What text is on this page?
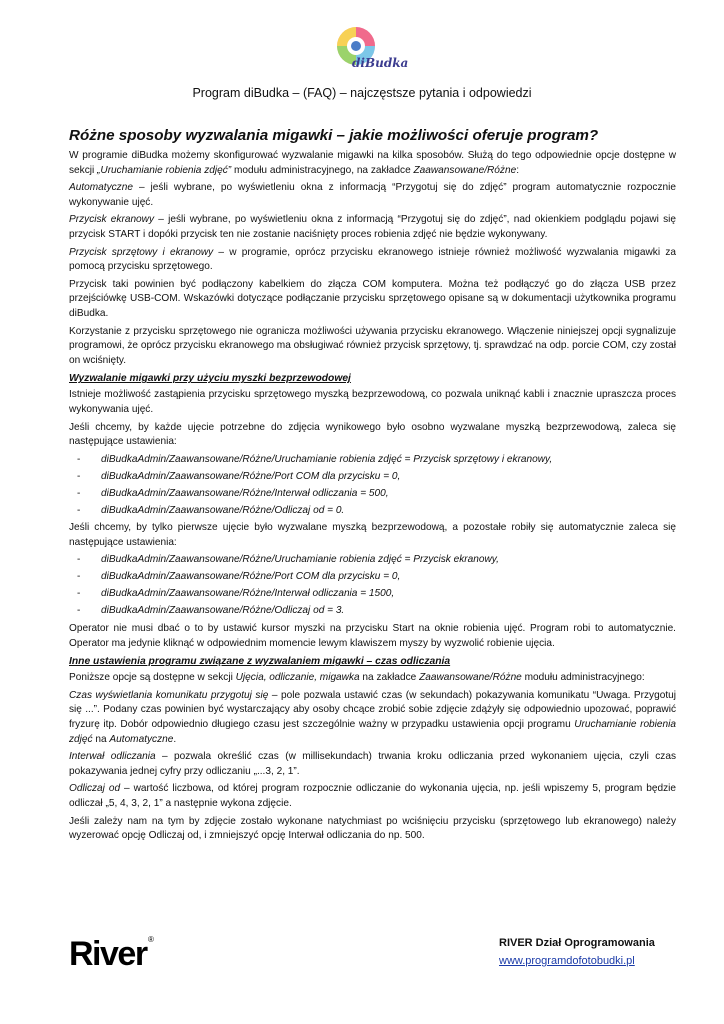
diBudka
Program diBudka – (FAQ) – najczęstsze pytania i odpowiedzi
Różne sposoby wyzwalania migawki – jakie możliwości oferuje program?

W programie diBudka możemy skonfigurować wyzwalanie migawki na kilka sposobów. Służą do tego odpowiednie opcje dostępne w sekcji „Uruchamianie robienia zdjęć” modułu administracyjnego, na zakładce Zaawansowane/Różne:

Automatyczne – jeśli wybrane, po wyświetleniu okna z informacją “Przygotuj się do zdjęć” program automatycznie rozpocznie wykonywanie ujęć.

Przycisk ekranowy – jeśli wybrane, po wyświetleniu okna z informacją “Przygotuj się do zdjęć”, nad okienkiem podglądu pojawi się przycisk START i dopóki przycisk ten nie zostanie naciśnięty proces robienia zdjęć nie będzie wykonywany.

Przycisk sprzętowy i ekranowy – w programie, oprócz przycisku ekranowego istnieje również możliwość wyzwalania migawki za pomocą przycisku sprzętowego.

Przycisk taki powinien być podłączony kabelkiem do złącza COM komputera. Można też podłączyć go do złącza USB przez przejściówkę USB-COM. Wskazówki dotyczące podłączanie przycisku sprzętowego opisane są w dokumentacji użytkownika programu diBudka.

Korzystanie z przycisku sprzętowego nie ogranicza możliwości używania przycisku ekranowego. Włączenie niniejszej opcji sygnalizuje programowi, że oprócz przycisku ekranowego ma obsługiwać również przycisk sprzętowy, tj. sprawdzać na odp. porcie COM, czy został on wciśnięty.

Wyzwalanie migawki przy użyciu myszki bezprzewodowej

Istnieje możliwość zastąpienia przycisku sprzętowego myszką bezprzewodową, co pozwala uniknąć kabli i znacznie upraszcza proces wykonywania ujęć.

Jeśli chcemy, by każde ujęcie potrzebne do zdjęcia wynikowego było osobno wyzwalane myszką bezprzewodową, zaleca się następujące ustawienia:

- diBudkaAdmin/Zaawansowane/Różne/Uruchamianie robienia zdjęć = Przycisk sprzętowy i ekranowy,
- diBudkaAdmin/Zaawansowane/Różne/Port COM dla przycisku = 0,
- diBudkaAdmin/Zaawansowane/Różne/Interwał odliczania = 500,
- diBudkaAdmin/Zaawansowane/Różne/Odliczaj od = 0.

Jeśli chcemy, by tylko pierwsze ujęcie było wyzwalane myszką bezprzewodową, a pozostałe robiły się automatycznie zaleca się następujące ustawienia:

- diBudkaAdmin/Zaawansowane/Różne/Uruchamianie robienia zdjęć = Przycisk ekranowy,
- diBudkaAdmin/Zaawansowane/Różne/Port COM dla przycisku = 0,
- diBudkaAdmin/Zaawansowane/Różne/Interwał odliczania = 1500,
- diBudkaAdmin/Zaawansowane/Różne/Odliczaj od = 3.

Operator nie musi dbać o to by ustawić kursor myszki na przycisku Start na oknie robienia ujęć. Program robi to automatycznie. Operator ma jedynie kliknąć w odpowiednim momencie lewym klawiszem myszy by wyzwolić robienie ujęcia.

Inne ustawienia programu związane z wyzwalaniem migawki – czas odliczania

Poniższe opcje są dostępne w sekcji Ujęcia, odliczanie, migawka na zakładce Zaawansowane/Różne modułu administracyjnego:

Czas wyświetlania komunikatu przygotuj się – pole pozwala ustawić czas (w sekundach) pokazywania komunikatu “Uwaga. Przygotuj się ...”. Podany czas powinien być wystarczający aby osoby chcące zrobić sobie zdjęcie zdążyły się odpowiednio upozować, poprawić fryzurę itp. Dobór odpowiednio długiego czasu jest szczególnie ważny w przypadku ustawienia opcji programu Uruchamianie robienia zdjęć na Automatyczne.

Interwał odliczania – pozwala określić czas (w millisekundach) trwania kroku odliczania przed wykonaniem ujęcia, czyli czas pokazywania jednej cyfry przy odliczaniu „...3, 2, 1”.

Odliczaj od – wartość liczbowa, od której program rozpocznie odliczanie do wykonania ujęcia, np. jeśli wpiszemy 5, program będzie odliczał „5, 4, 3, 2, 1” a następnie wykona zdjęcie.

Jeśli zależy nam na tym by zdjęcie zostało wykonane natychmiast po wciśnięciu przycisku (sprzętowego lub ekranowego) należy wyzerować opcję Odliczaj od, i zmniejszyć opcję Interwał odliczania do np. 500.

River ®	RIVER Dział Oprogramowania
www.programdofotobudki.pl
